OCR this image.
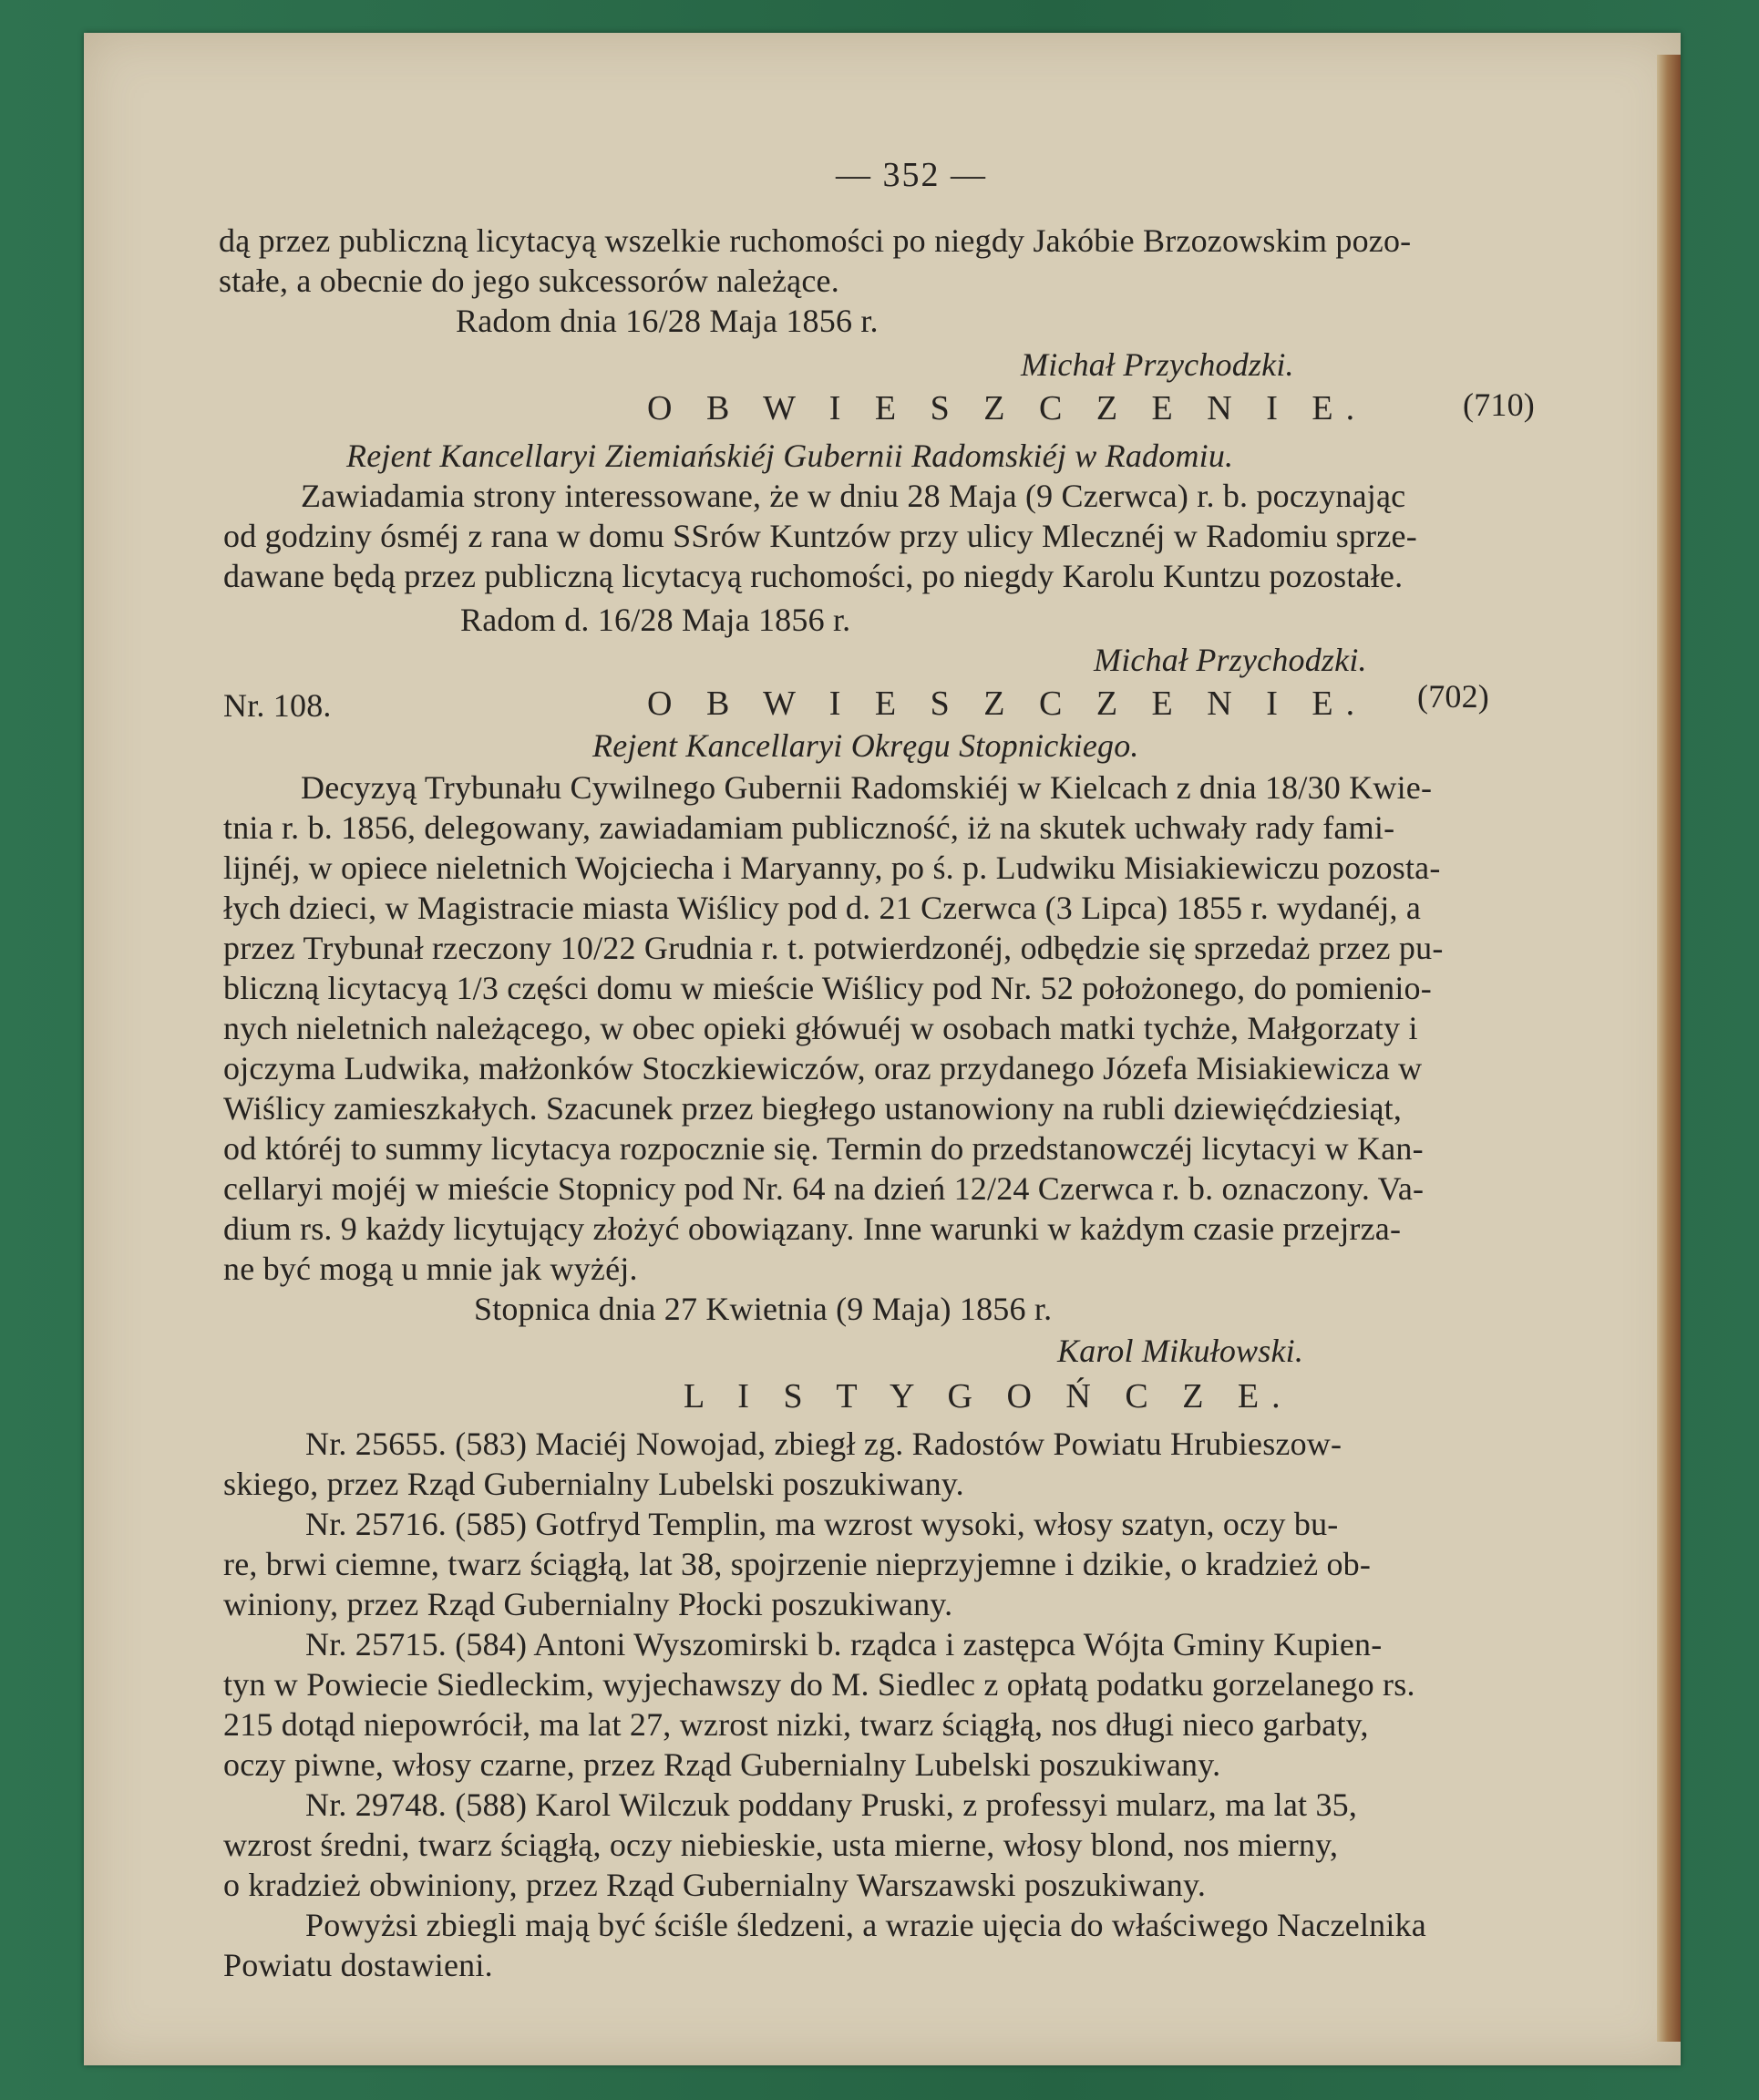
— 352 —
dą przez publiczną licytacyą wszelkie ruchomości po niegdy Jakóbie Brzozowskim pozo-
stałe, a obecnie do jego sukcessorów należące.
Radom dnia 16/28 Maja 1856 r.
Michał Przychodzki.
O B W I E S Z C Z E N I E.	(710)
Rejent Kancellaryi Ziemiańskiéj Gubernii Radomskiéj w Radomiu.
Zawiadamia strony interessowane, że w dniu 28 Maja (9 Czerwca) r. b. poczynając
od godziny ósméj z rana w domu SSrów Kuntzów przy ulicy Mlecznéj w Radomiu sprze-
dawane będą przez publiczną licytacyą ruchomości, po niegdy Karolu Kuntzu pozostałe.
Radom d. 16/28 Maja 1856 r.
Michał Przychodzki.
Nr. 108.	O B W I E S Z C Z E N I E. (702)
Rejent Kancellaryi Okręgu Stopnickiego.
Decyzyą Trybunału Cywilnego Gubernii Radomskiéj w Kielcach z dnia 18/30 Kwie-
tnia r. b. 1856, delegowany, zawiadamiam publiczność, iż na skutek uchwały rady fami-
lijnéj, w opiece nieletnich Wojciecha i Maryanny, po ś. p. Ludwiku Misiakiewiczu pozosta-
łych dzieci, w Magistracie miasta Wiślicy pod d. 21 Czerwca (3 Lipca) 1855 r. wydanéj, a
przez Trybunał rzeczony 10/22 Grudnia r. t. potwierdzonéj, odbędzie się sprzedaż przez pu-
bliczną licytacyą 1/3 części domu w mieście Wiślicy pod Nr. 52 położonego, do pomienio-
nych nieletnich należącego, w obec opieki główuéj w osobach matki tychże, Małgorzaty i
ojczyma Ludwika, małżonków Stoczkiewiczów, oraz przydanego Józefa Misiakiewicza w
Wiślicy zamieszkałych. Szacunek przez biegłego ustanowiony na rubli dziewięćdziesiąt,
od któréj to summy licytacya rozpocznie się. Termin do przedstanowczéj licytacyi w Kan-
cellaryi mojéj w mieście Stopnicy pod Nr. 64 na dzień 12/24 Czerwca r. b. oznaczony. Va-
dium rs. 9 każdy licytujący złożyć obowiązany. Inne warunki w każdym czasie przejrza-
ne być mogą u mnie jak wyżéj.
Stopnica dnia 27 Kwietnia (9 Maja) 1856 r.
Karol Mikułowski.
L I S T Y G O Ń C Z E.
Nr. 25655. (583) Maciéj Nowojad, zbiegł zg. Radostów Powiatu Hrubieszow-
skiego, przez Rząd Gubernialny Lubelski poszukiwany.
Nr. 25716. (585) Gotfryd Templin, ma wzrost wysoki, włosy szatyn, oczy bu-
re, brwi ciemne, twarz ściągłą, lat 38, spojrzenie nieprzyjemne i dzikie, o kradzież ob-
winiony, przez Rząd Gubernialny Płocki poszukiwany.
Nr. 25715. (584) Antoni Wyszomirski b. rządca i zastępca Wójta Gminy Kupien-
tyn w Powiecie Siedleckim, wyjechawszy do M. Siedlec z opłatą podatku gorzelanego rs.
215 dotąd niepowrócił, ma lat 27, wzrost nizki, twarz ściągłą, nos długi nieco garbaty,
oczy piwne, włosy czarne, przez Rząd Gubernialny Lubelski poszukiwany.
Nr. 29748. (588) Karol Wilczuk poddany Pruski, z professyi mularz, ma lat 35,
wzrost średni, twarz ściągłą, oczy niebieskie, usta mierne, włosy blond, nos mierny,
o kradzież obwiniony, przez Rząd Gubernialny Warszawski poszukiwany.
Powyżsi zbiegli mają być ściśle śledzeni, a wrazie ujęcia do właściwego Naczelnika
Powiatu dostawieni.
